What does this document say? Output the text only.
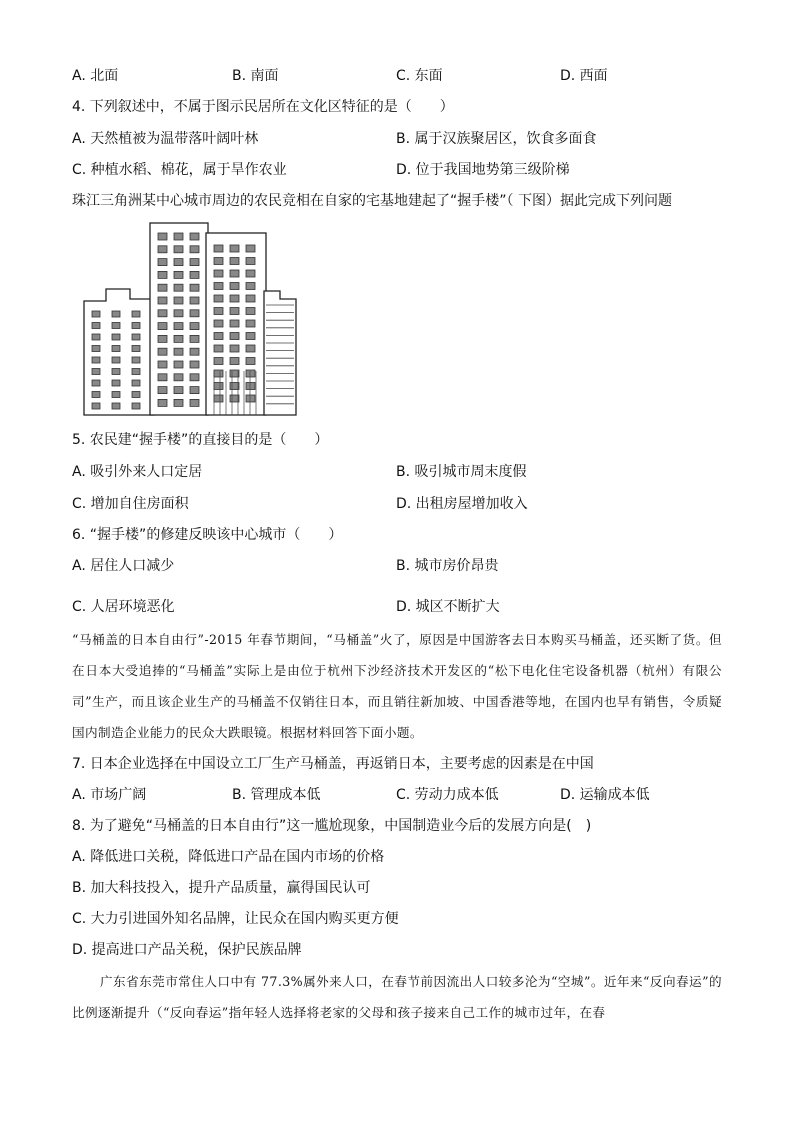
A. 北面	B. 南面	C. 东面	D. 西面
4. 下列叙述中，不属于图示民居所在文化区特征的是（　　）
A. 天然植被为温带落叶阔叶林	B. 属于汉族聚居区，饮食多面食
C. 种植水稻、棉花，属于旱作农业	D. 位于我国地势第三级阶梯
珠江三角洲某中心城市周边的农民竞相在自家的宅基地建起了“握手楼”（ 下图）据此完成下列问题
5. 农民建“握手楼”的直接目的是（　　）
A. 吸引外来人口定居	B. 吸引城市周末度假
C. 增加自住房面积	D. 出租房屋增加收入
6. “握手楼”的修建反映该中心城市（　　）
A. 居住人口减少	B. 城市房价昂贵
C. 人居环境恶化	D. 城区不断扩大

“马桶盖的日本自由行”-2015 年春节期间，“马桶盖”火了，原因是中国游客去日本购买马桶盖，还买断了货。但在日本大受追捧的“马桶盖”实际上是由位于杭州下沙经济技术开发区的“松下电化住宅设备机器（杭州）有限公司”生产，而且该企业生产的马桶盖不仅销往日本，而且销往新加坡、中国香港等地，在国内也早有销售，令质疑国内制造企业能力的民众大跌眼镜。根据材料回答下面小题。

7. 日本企业选择在中国设立工厂生产马桶盖，再返销日本，主要考虑的因素是在中国
A. 市场广阔	B. 管理成本低	C. 劳动力成本低	D. 运输成本低
8. 为了避免“马桶盖的日本自由行”这一尴尬现象，中国制造业今后的发展方向是(　)
A. 降低进口关税，降低进口产品在国内市场的价格
B. 加大科技投入，提升产品质量，赢得国民认可
C. 大力引进国外知名品牌，让民众在国内购买更方便
D. 提高进口产品关税，保护民族品牌

广东省东莞市常住人口中有 77.3%属外来人口，在春节前因流出人口较多沦为“空城”。近年来“反向春运”的比例逐渐提升（“反向春运”指年轻人选择将老家的父母和孩子接来自己工作的城市过年，在春
